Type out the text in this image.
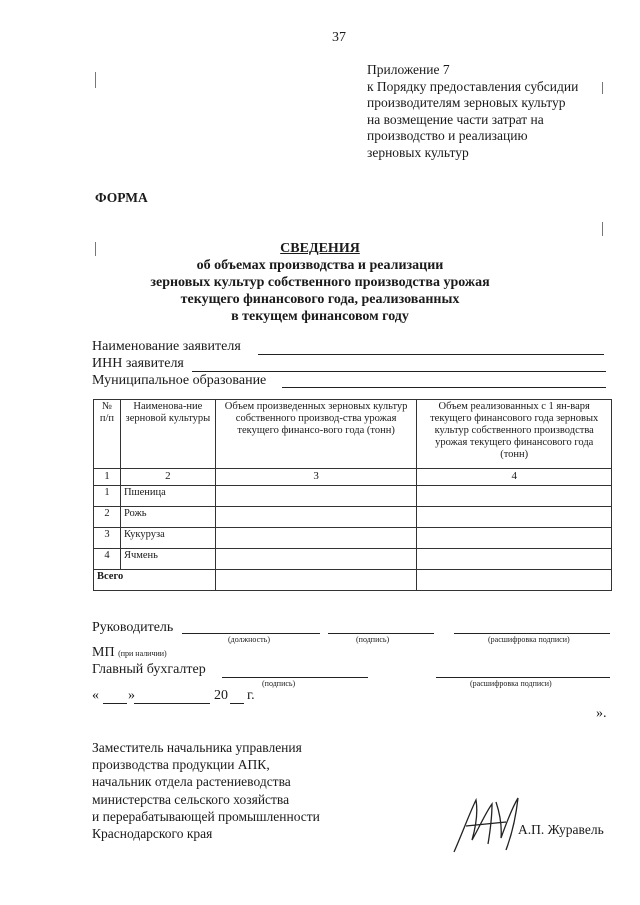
37
Приложение 7
к Порядку предоставления субсидии
производителям зерновых культур
на возмещение части затрат на
производство и реализацию
зерновых культур
ФОРМА
СВЕДЕНИЯ
об объемах производства и реализации
зерновых культур собственного производства урожая
текущего финансового года, реализованных
в текущем финансовом году
Наименование заявителя
ИНН заявителя
Муниципальное образование
№ п/п	Наименова-ние зерновой культуры	Объем произведенных зерновых культур собственного производ-ства урожая текущего финансо-вого года (тонн)	Объем реализованных с 1 ян-варя текущего финансового года зерновых культур собственного производства урожая текущего финансового года (тонн)
1	2	3	4
1	Пшеница		
2	Рожь		
3	Кукуруза		
4	Ячмень		
Всего			
Руководитель
(должность)	(подпись)	(расшифровка подписи)
МП (при наличии)
Главный бухгалтер
(подпись)	(расшифровка подписи)
« »	20 г.
».
Заместитель начальника управления
производства продукции АПК,
начальник отдела растениеводства
министерства сельского хозяйства
и перерабатывающей промышленности
Краснодарского края	А.П. Журавель
